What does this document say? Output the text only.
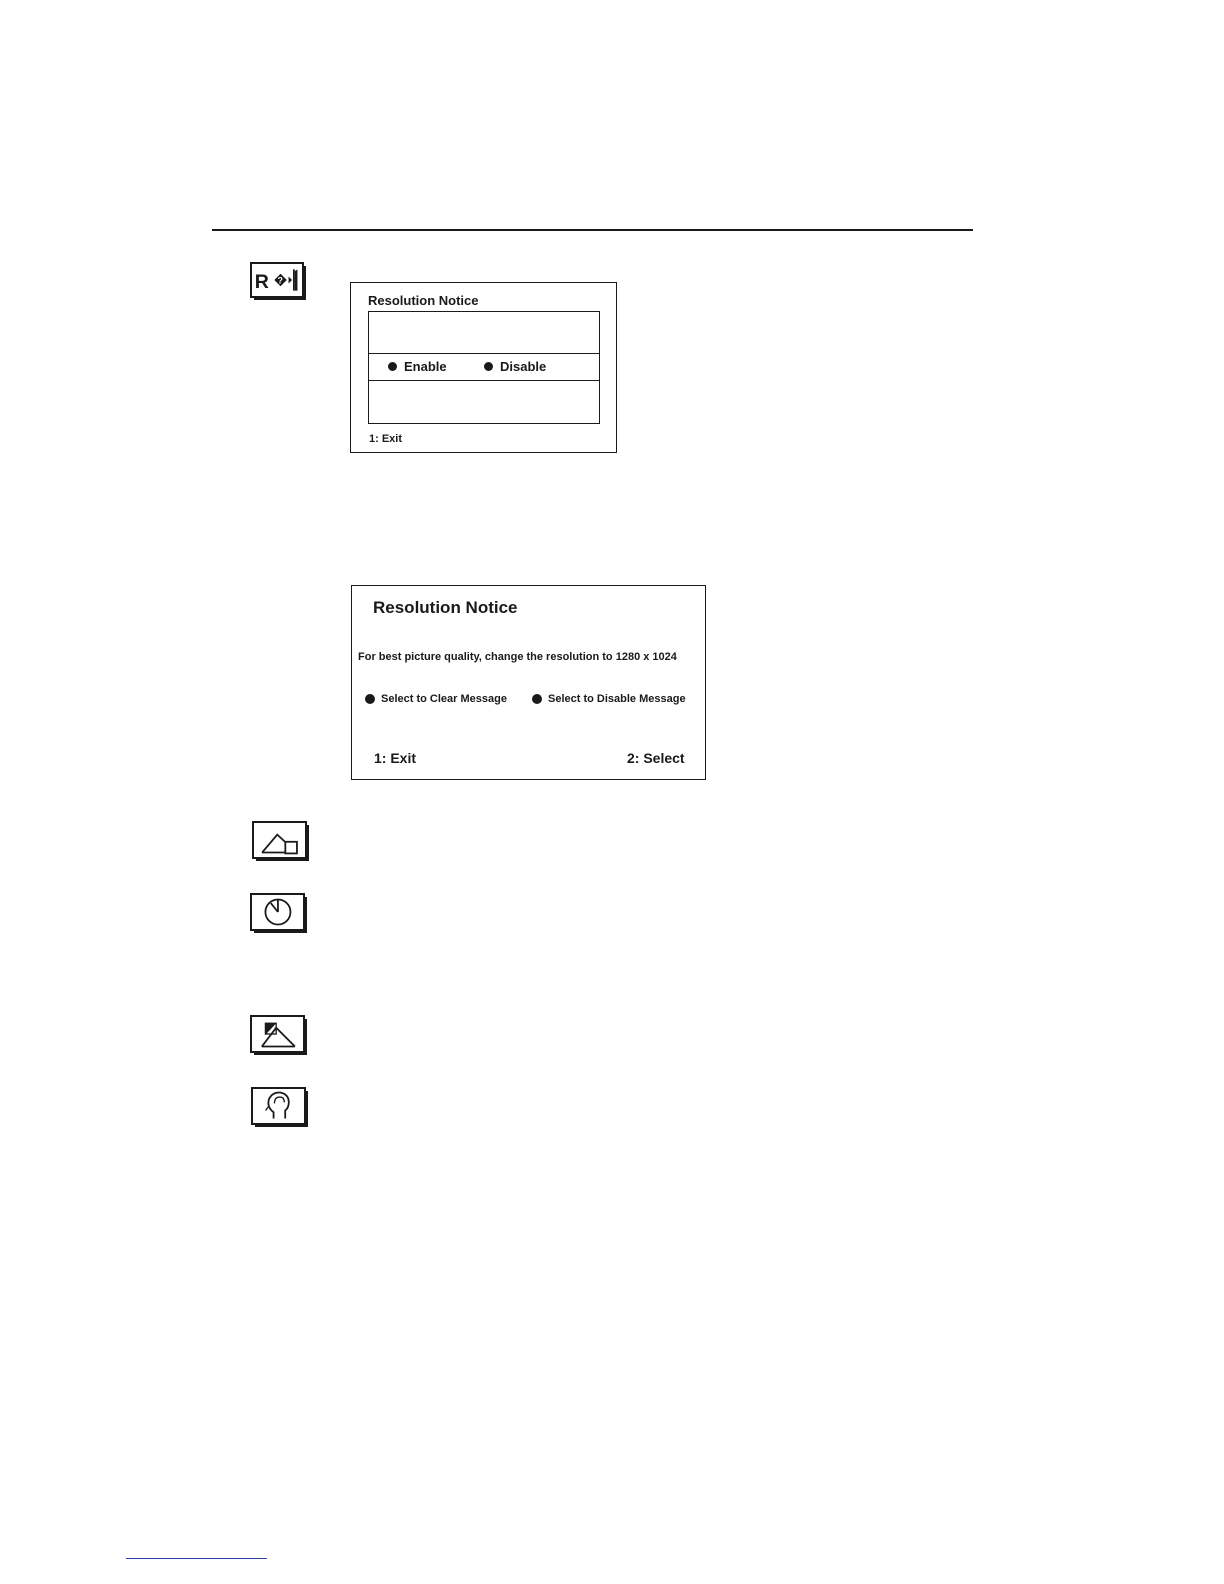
R ?
Resolution Notice
Enable	Disable
1: Exit
Resolution Notice
For best picture quality, change the resolution to 1280 x 1024
Select to Clear Message	Select to Disable Message
1: Exit	2: Select
